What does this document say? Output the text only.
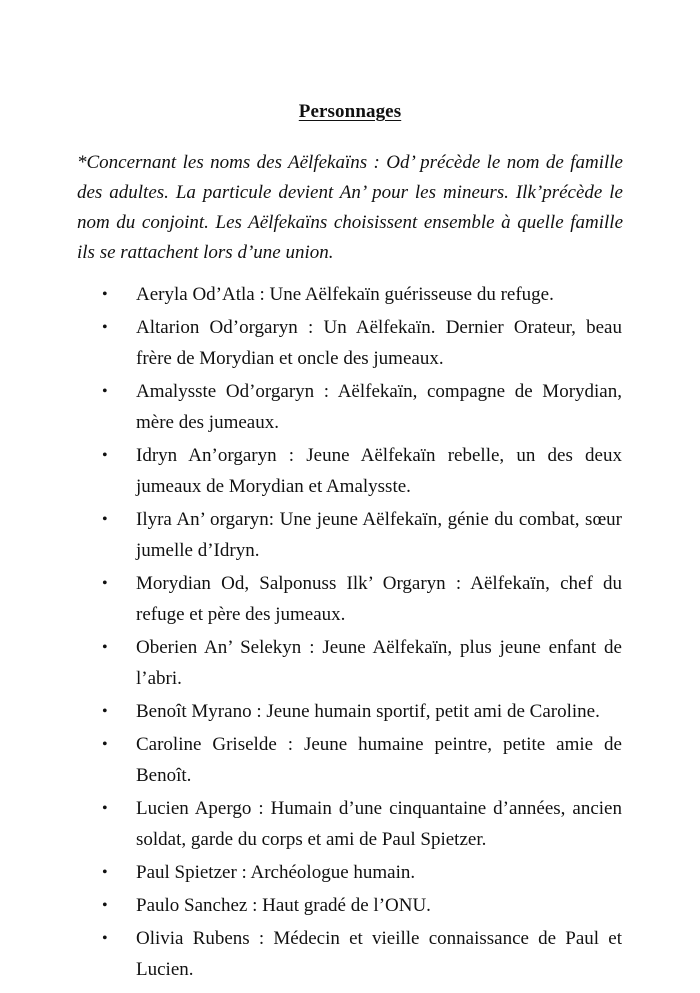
Personnages

*Concernant les noms des Aëlfekaïns : Od’ précède le nom de famille des adultes. La particule devient An’ pour les mineurs. Ilk’précède le nom du conjoint. Les Aëlfekaïns choisissent ensemble à quelle famille ils se rattachent lors d’une union.

• Aeryla Od’Atla : Une Aëlfekaïn guérisseuse du refuge.
• Altarion Od’orgaryn : Un Aëlfekaïn. Dernier Orateur, beau frère de Morydian et oncle des jumeaux.
• Amalysste Od’orgaryn : Aëlfekaïn, compagne de Morydian, mère des jumeaux.
• Idryn An’orgaryn : Jeune Aëlfekaïn rebelle, un des deux jumeaux de Morydian et Amalysste.
• Ilyra An’ orgaryn: Une jeune Aëlfekaïn, génie du combat, sœur jumelle d’Idryn.
• Morydian Od, Salponuss Ilk’ Orgaryn : Aëlfekaïn, chef du refuge et père des jumeaux.
• Oberien An’ Selekyn : Jeune Aëlfekaïn, plus jeune enfant de l’abri.
• Benoît Myrano : Jeune humain sportif, petit ami de Caroline.
• Caroline Griselde : Jeune humaine peintre, petite amie de Benoît.
• Lucien Apergo : Humain d’une cinquantaine d’années, ancien soldat, garde du corps et ami de Paul Spietzer.
• Paul Spietzer : Archéologue humain.
• Paulo Sanchez : Haut gradé de l’ONU.
• Olivia Rubens : Médecin et vieille connaissance de Paul et Lucien.
